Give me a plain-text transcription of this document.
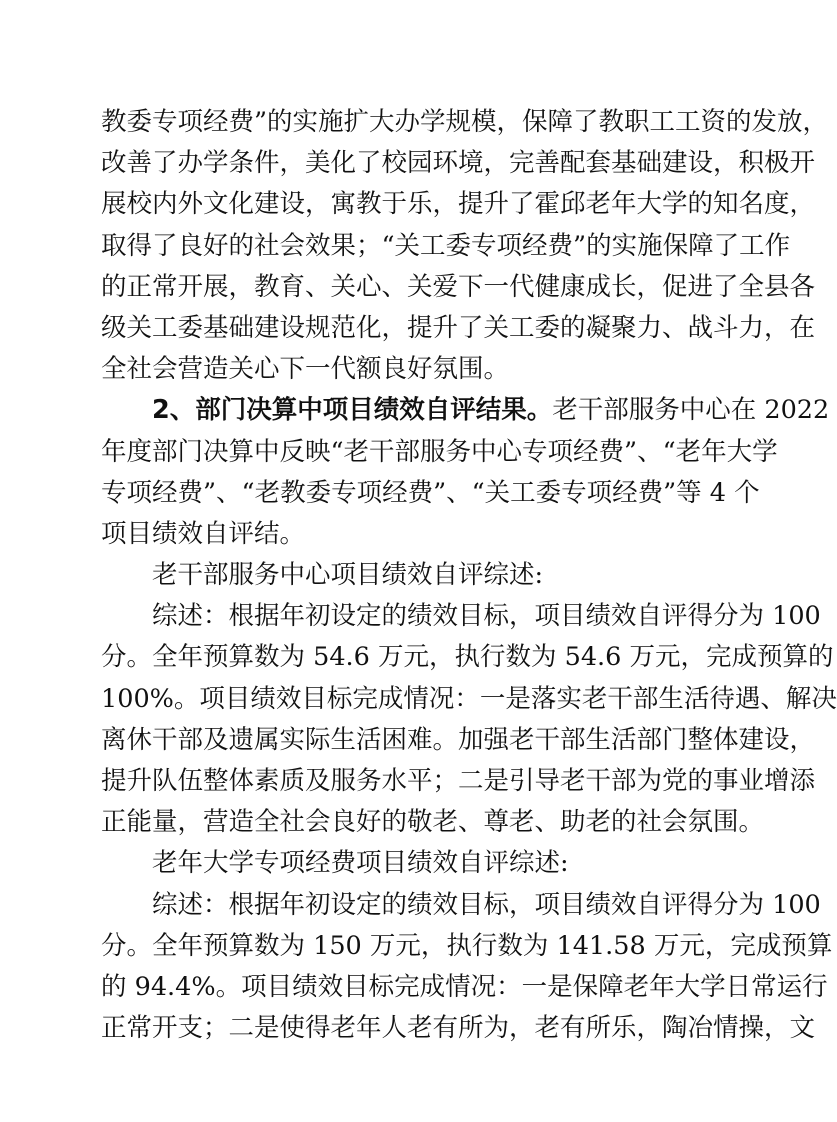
教委专项经费”的实施扩大办学规模，保障了教职工工资的发放，
改善了办学条件，美化了校园环境，完善配套基础建设，积极开
展校内外文化建设，寓教于乐，提升了霍邱老年大学的知名度，
取得了良好的社会效果；“关工委专项经费”的实施保障了工作
的正常开展，教育、关心、关爱下一代健康成长，促进了全县各
级关工委基础建设规范化，提升了关工委的凝聚力、战斗力，在
全社会营造关心下一代额良好氛围。
2、部门决算中项目绩效自评结果。老干部服务中心在 2022
年度部门决算中反映“老干部服务中心专项经费”、“老年大学
专项经费”、“老教委专项经费”、“关工委专项经费”等 4 个
项目绩效自评结。
老干部服务中心项目绩效自评综述:
综述：根据年初设定的绩效目标，项目绩效自评得分为 100
分。全年预算数为 54.6 万元，执行数为 54.6 万元，完成预算的
100%。项目绩效目标完成情况：一是落实老干部生活待遇、解决
离休干部及遗属实际生活困难。加强老干部生活部门整体建设，
提升队伍整体素质及服务水平；二是引导老干部为党的事业增添
正能量，营造全社会良好的敬老、尊老、助老的社会氛围。
老年大学专项经费项目绩效自评综述:
综述：根据年初设定的绩效目标，项目绩效自评得分为 100
分。全年预算数为 150 万元，执行数为 141.58 万元，完成预算
的 94.4%。项目绩效目标完成情况：一是保障老年大学日常运行
正常开支；二是使得老年人老有所为，老有所乐，陶冶情操，文
